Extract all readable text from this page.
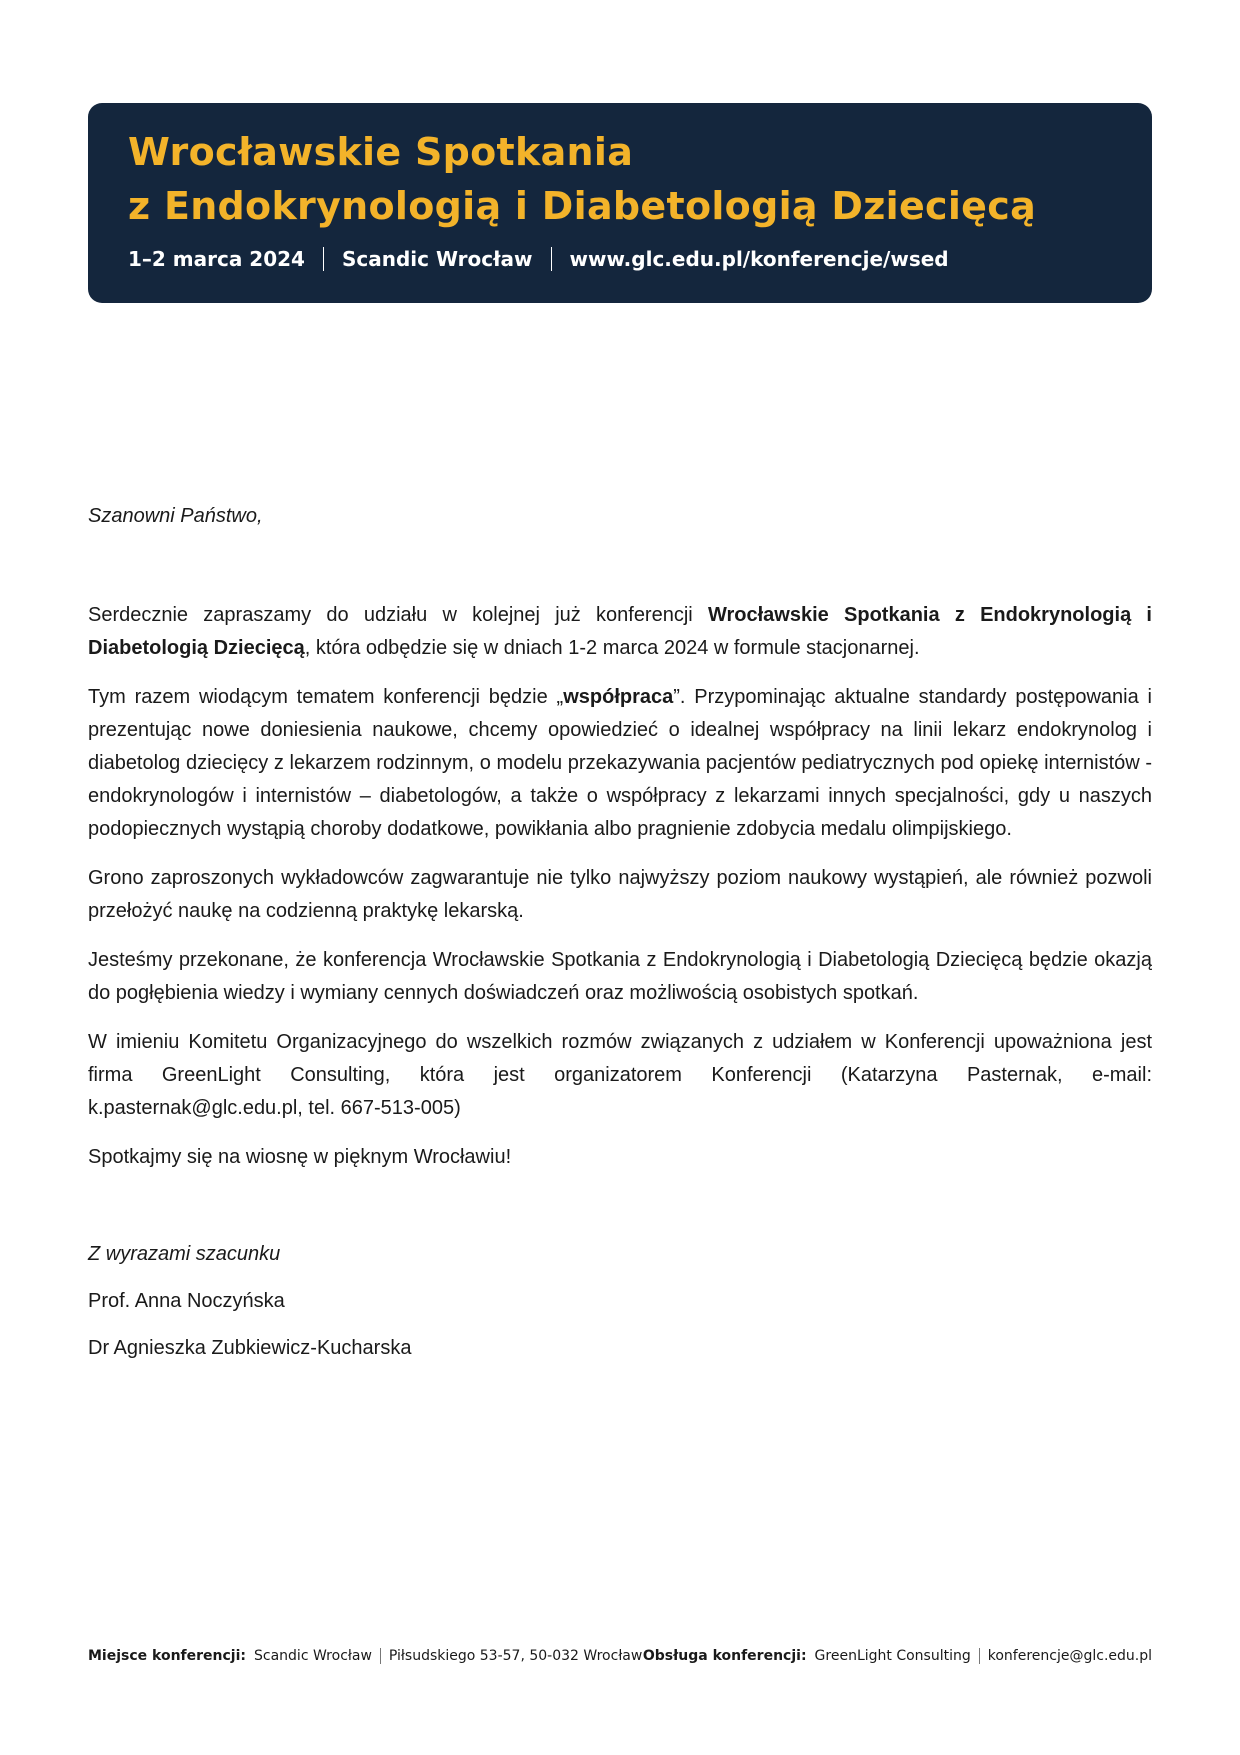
Wrocławskie Spotkania
z Endokrynologią i Diabetologią Dziecięcą
1–2 marca 2024 Scandic Wrocław www.glc.edu.pl/konferencje/wsed

Szanowni Państwo,

Serdecznie zapraszamy do udziału w kolejnej już konferencji Wrocławskie Spotkania z Endokrynologią i Diabetologią Dziecięcą, która odbędzie się w dniach 1-2 marca 2024 w formule stacjonarnej.

Tym razem wiodącym tematem konferencji będzie „współpraca”. Przypominając aktualne standardy postępowania i prezentując nowe doniesienia naukowe, chcemy opowiedzieć o idealnej współpracy na linii lekarz endokrynolog i diabetolog dziecięcy z lekarzem rodzinnym, o modelu przekazywania pacjentów pediatrycznych pod opiekę internistów - endokrynologów i internistów – diabetologów, a także o współpracy z lekarzami innych specjalności, gdy u naszych podopiecznych wystąpią choroby dodatkowe, powikłania albo pragnienie zdobycia medalu olimpijskiego.

Grono zaproszonych wykładowców zagwarantuje nie tylko najwyższy poziom naukowy wystąpień, ale również pozwoli przełożyć naukę na codzienną praktykę lekarską.

Jesteśmy przekonane, że konferencja Wrocławskie Spotkania z Endokrynologią i Diabetologią Dziecięcą będzie okazją do pogłębienia wiedzy i wymiany cennych doświadczeń oraz możliwością osobistych spotkań.

W imieniu Komitetu Organizacyjnego do wszelkich rozmów związanych z udziałem w Konferencji upoważniona jest firma GreenLight Consulting, która jest organizatorem Konferencji (Katarzyna Pasternak, e-mail: k.pasternak@glc.edu.pl, tel. 667-513-005)

Spotkajmy się na wiosnę w pięknym Wrocławiu!

Z wyrazami szacunku

Prof. Anna Noczyńska

Dr Agnieszka Zubkiewicz-Kucharska

Miejsce konferencji: Scandic Wrocław Piłsudskiego 53-57, 50-032 Wrocław Obsługa konferencji: GreenLight Consulting konferencje@glc.edu.pl
